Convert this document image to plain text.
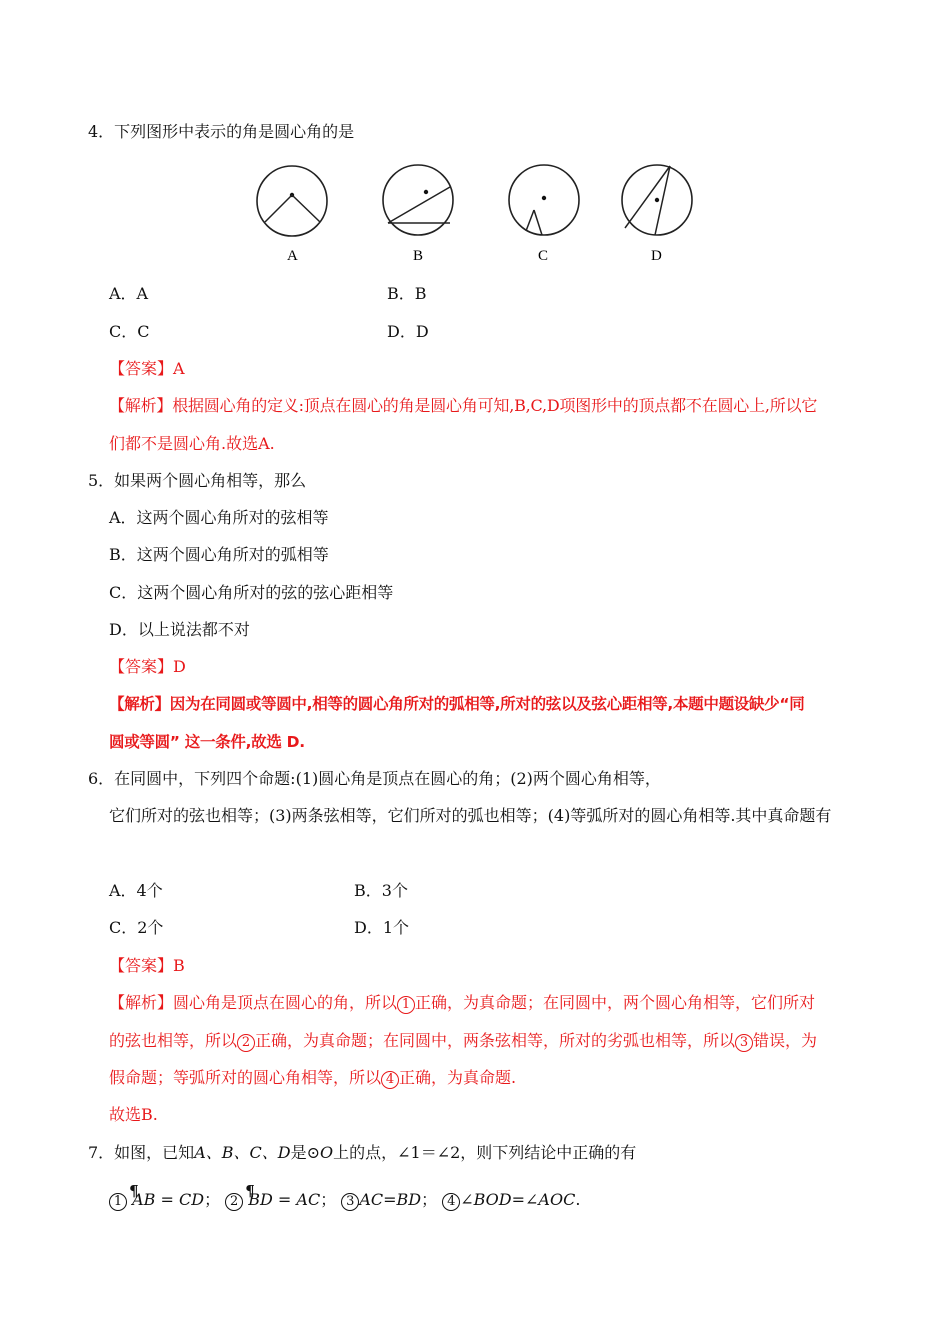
4．下列图形中表示的角是圆心角的是
A	B	C	D
A．A	B．B
C．C	D．D
【答案】A
【解析】根据圆心角的定义:顶点在圆心的角是圆心角可知,B,C,D项图形中的顶点都不在圆心上,所以它
们都不是圆心角.故选A.
5．如果两个圆心角相等，那么
A．这两个圆心角所对的弦相等
B．这两个圆心角所对的弧相等
C．这两个圆心角所对的弦的弦心距相等
D．以上说法都不对
【答案】D
【解析】因为在同圆或等圆中,相等的圆心角所对的弧相等,所对的弦以及弦心距相等,本题中题设缺少“同
圆或等圆” 这一条件,故选 D.
6．在同圆中，下列四个命题:(1)圆心角是顶点在圆心的角；(2)两个圆心角相等，
它们所对的弦也相等；(3)两条弦相等，它们所对的弧也相等；(4)等弧所对的圆心角相等.其中真命题有
A．4个	B．3个
C．2个	D．1个
【答案】B
【解析】圆心角是顶点在圆心的角，所以 1 正确，为真命题；在同圆中，两个圆心角相等，它们所对
的弦也相等，所以 2 正确，为真命题；在同圆中，两条弦相等，所对的劣弧也相等，所以 3 错误，为
假命题；等弧所对的圆心角相等，所以 4 正确，为真命题.
故选B.
7．如图，已知A、B、C、D是⊙O上的点，∠1＝∠2，则下列结论中正确的有
1 ¶ AB = CD； 2 ¶ BD = AC； 3 AC=BD； 4 ∠BOD=∠AOC.
